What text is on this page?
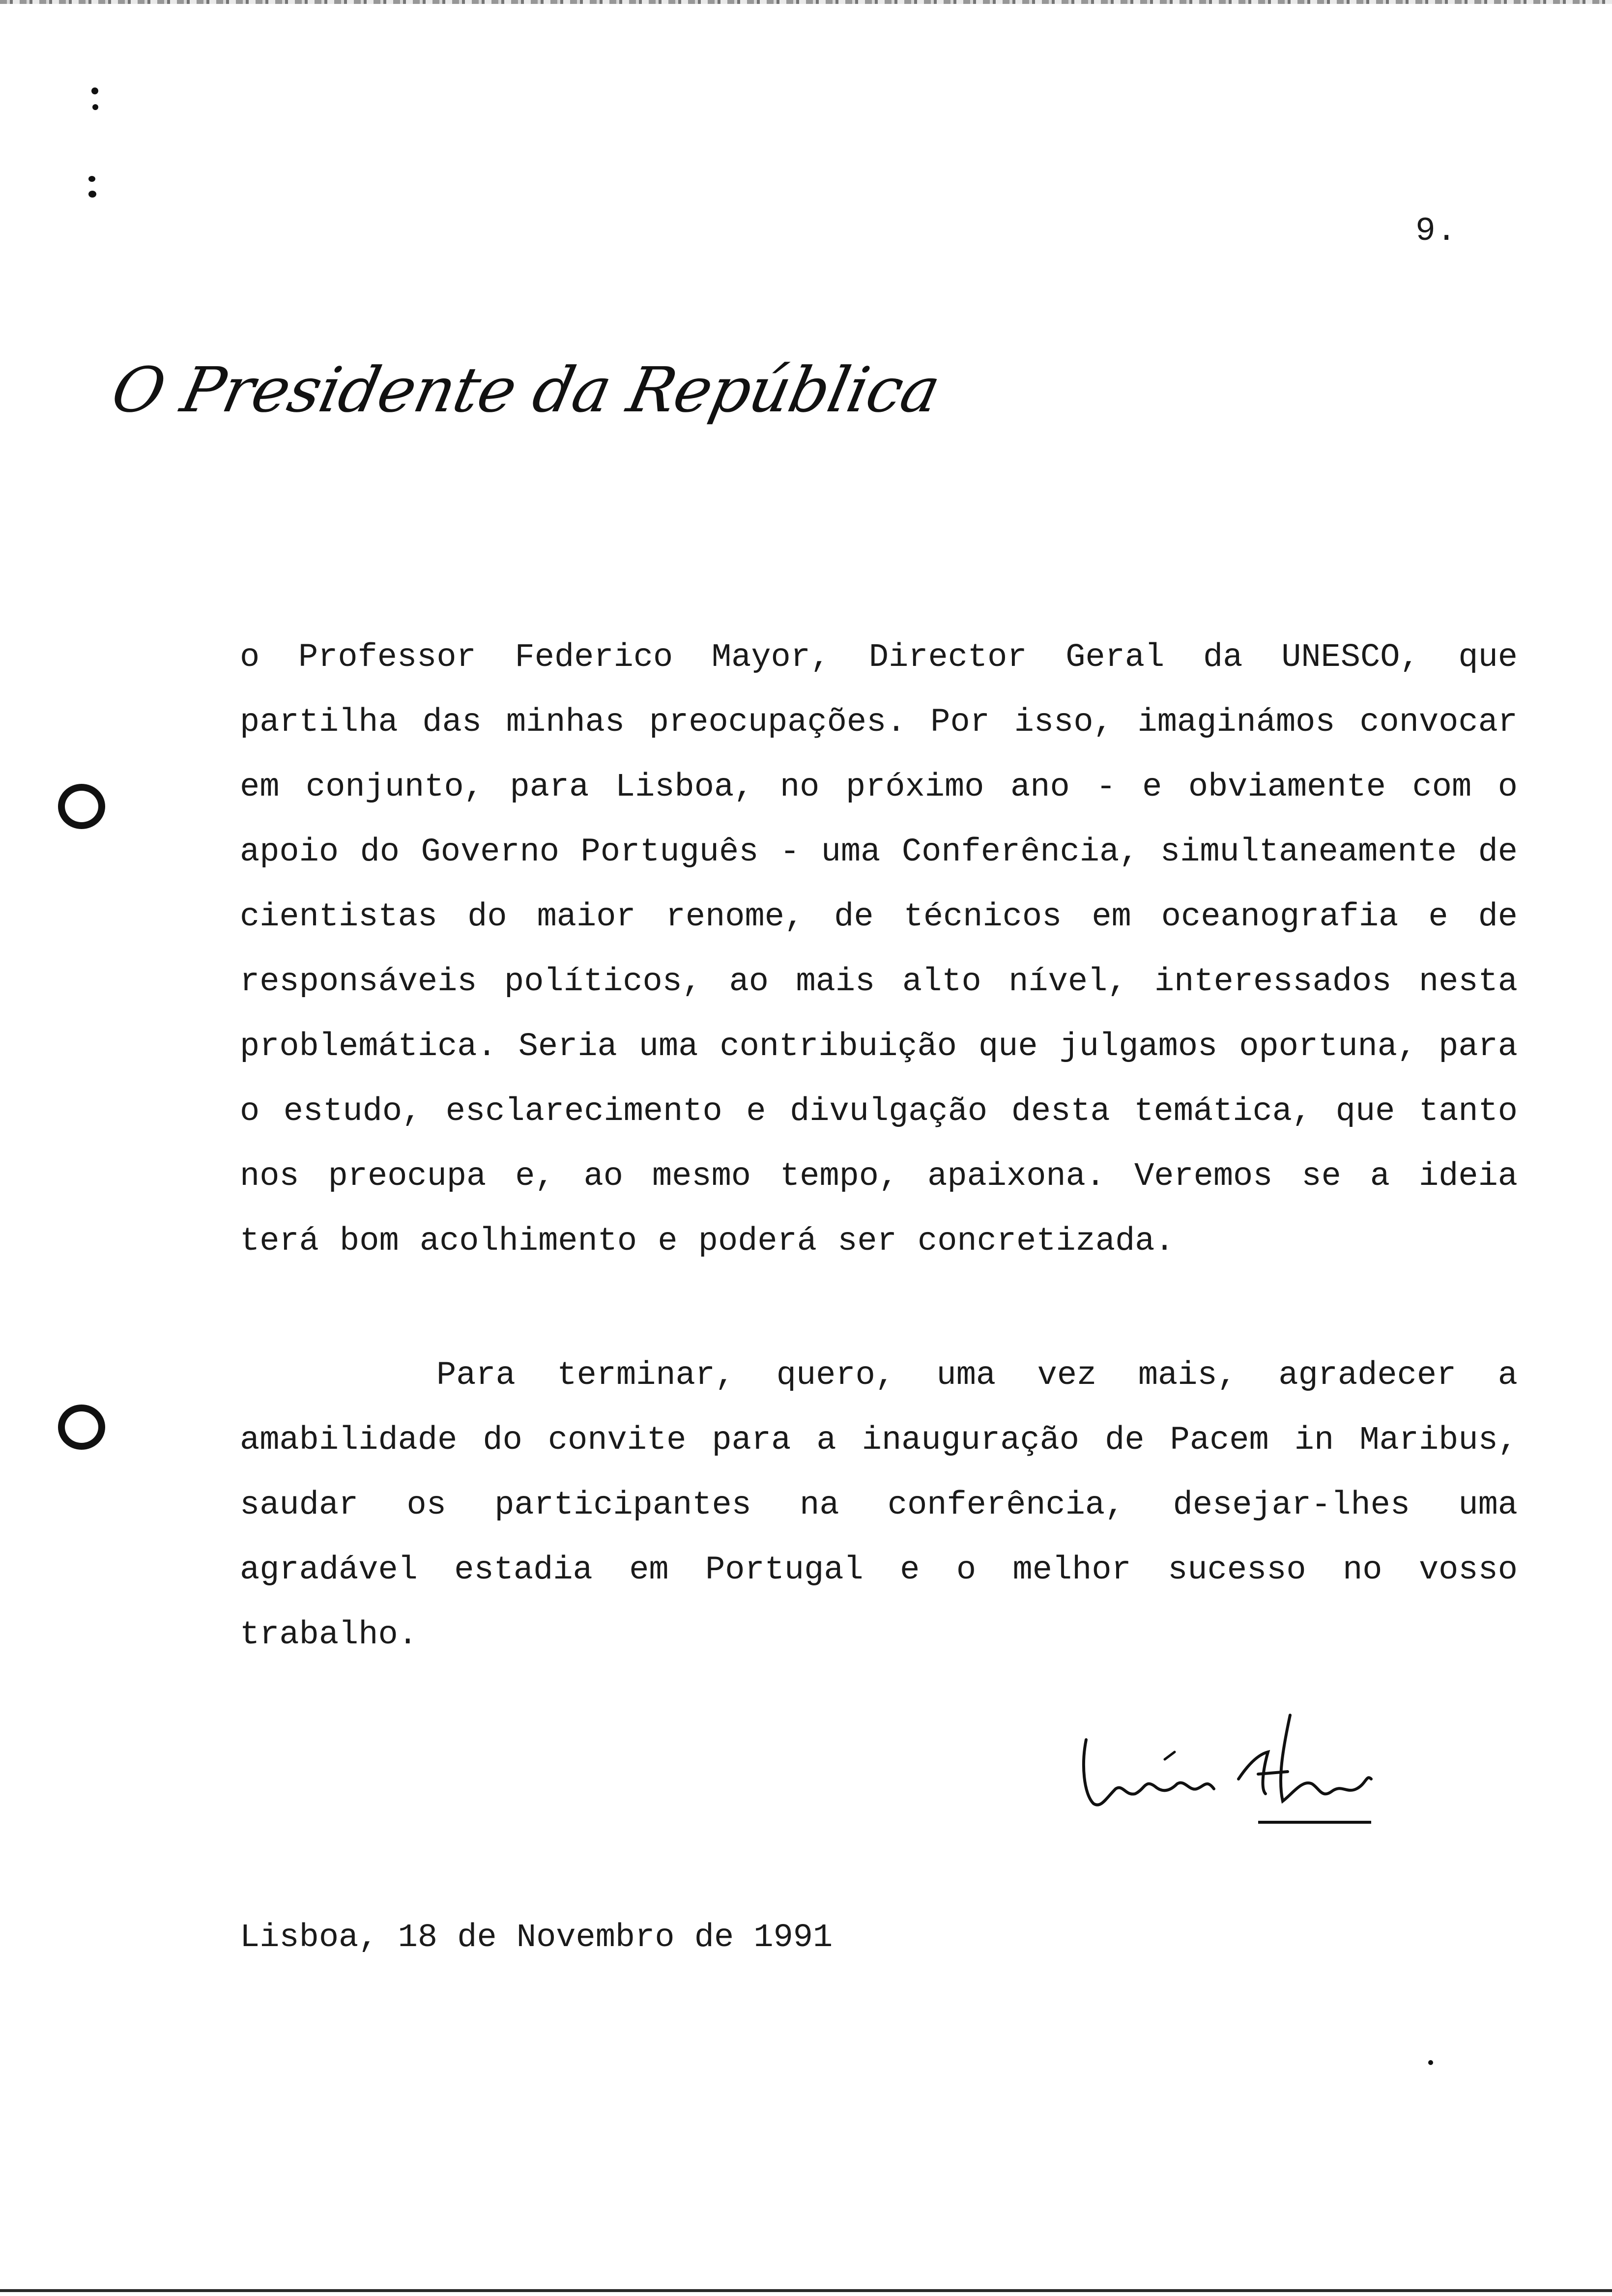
9.
O Presidente da República

o Professor Federico Mayor, Director Geral da UNESCO, que partilha das minhas preocupações. Por isso, imaginámos convocar em conjunto, para Lisboa, no próximo ano - e obviamente com o apoio do Governo Português - uma Conferência, simultaneamente de cientistas do maior renome, de técnicos em oceanografia e de responsáveis políticos, ao mais alto nível, interessados nesta problemática. Seria uma contribuição que julgamos oportuna, para o estudo, esclarecimento e divulgação desta temática, que tanto nos preocupa e, ao mesmo tempo, apaixona. Veremos se a ideia terá bom acolhimento e poderá ser concretizada.

Para terminar, quero, uma vez mais, agradecer a amabilidade do convite para a inauguração de Pacem in Maribus, saudar os participantes na conferência, desejar-lhes uma agradável estadia em Portugal e o melhor sucesso no vosso trabalho.

Lisboa, 18 de Novembro de 1991
